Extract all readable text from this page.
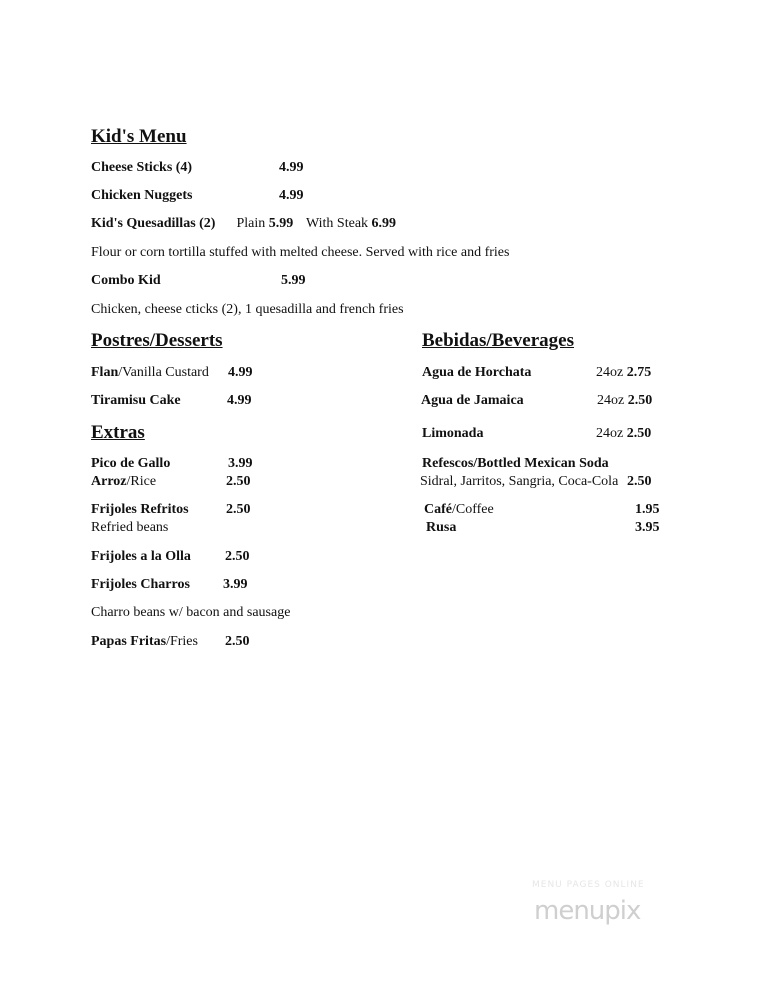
Kid's Menu
Cheese Sticks (4)	4.99
Chicken Nuggets	4.99
Kid's Quesadillas (2) Plain 5.99 With Steak 6.99
Flour or corn tortilla stuffed with melted cheese. Served with rice and fries
Combo Kid	5.99
Chicken, cheese cticks (2), 1 quesadilla and french fries
Postres/Desserts
Flan/Vanilla Custard 4.99
Tiramisu Cake	4.99
Extras
Pico de Gallo	3.99
Arroz/Rice	2.50
Frijoles Refritos	2.50
Refried beans
Frijoles a la Olla 2.50
Frijoles Charros 3.99
Charro beans w/ bacon and sausage
Papas Fritas/Fries 2.50
Bebidas/Beverages
Agua de Horchata	24oz 2.75
Agua de Jamaica	24oz 2.50
Limonada	24oz 2.50
Refescos/Bottled Mexican Soda
Sidral, Jarritos, Sangria, Coca-Cola 2.50
Café/Coffee	1.95
Rusa	3.95
MENU PAGES ONLINE
menupix
